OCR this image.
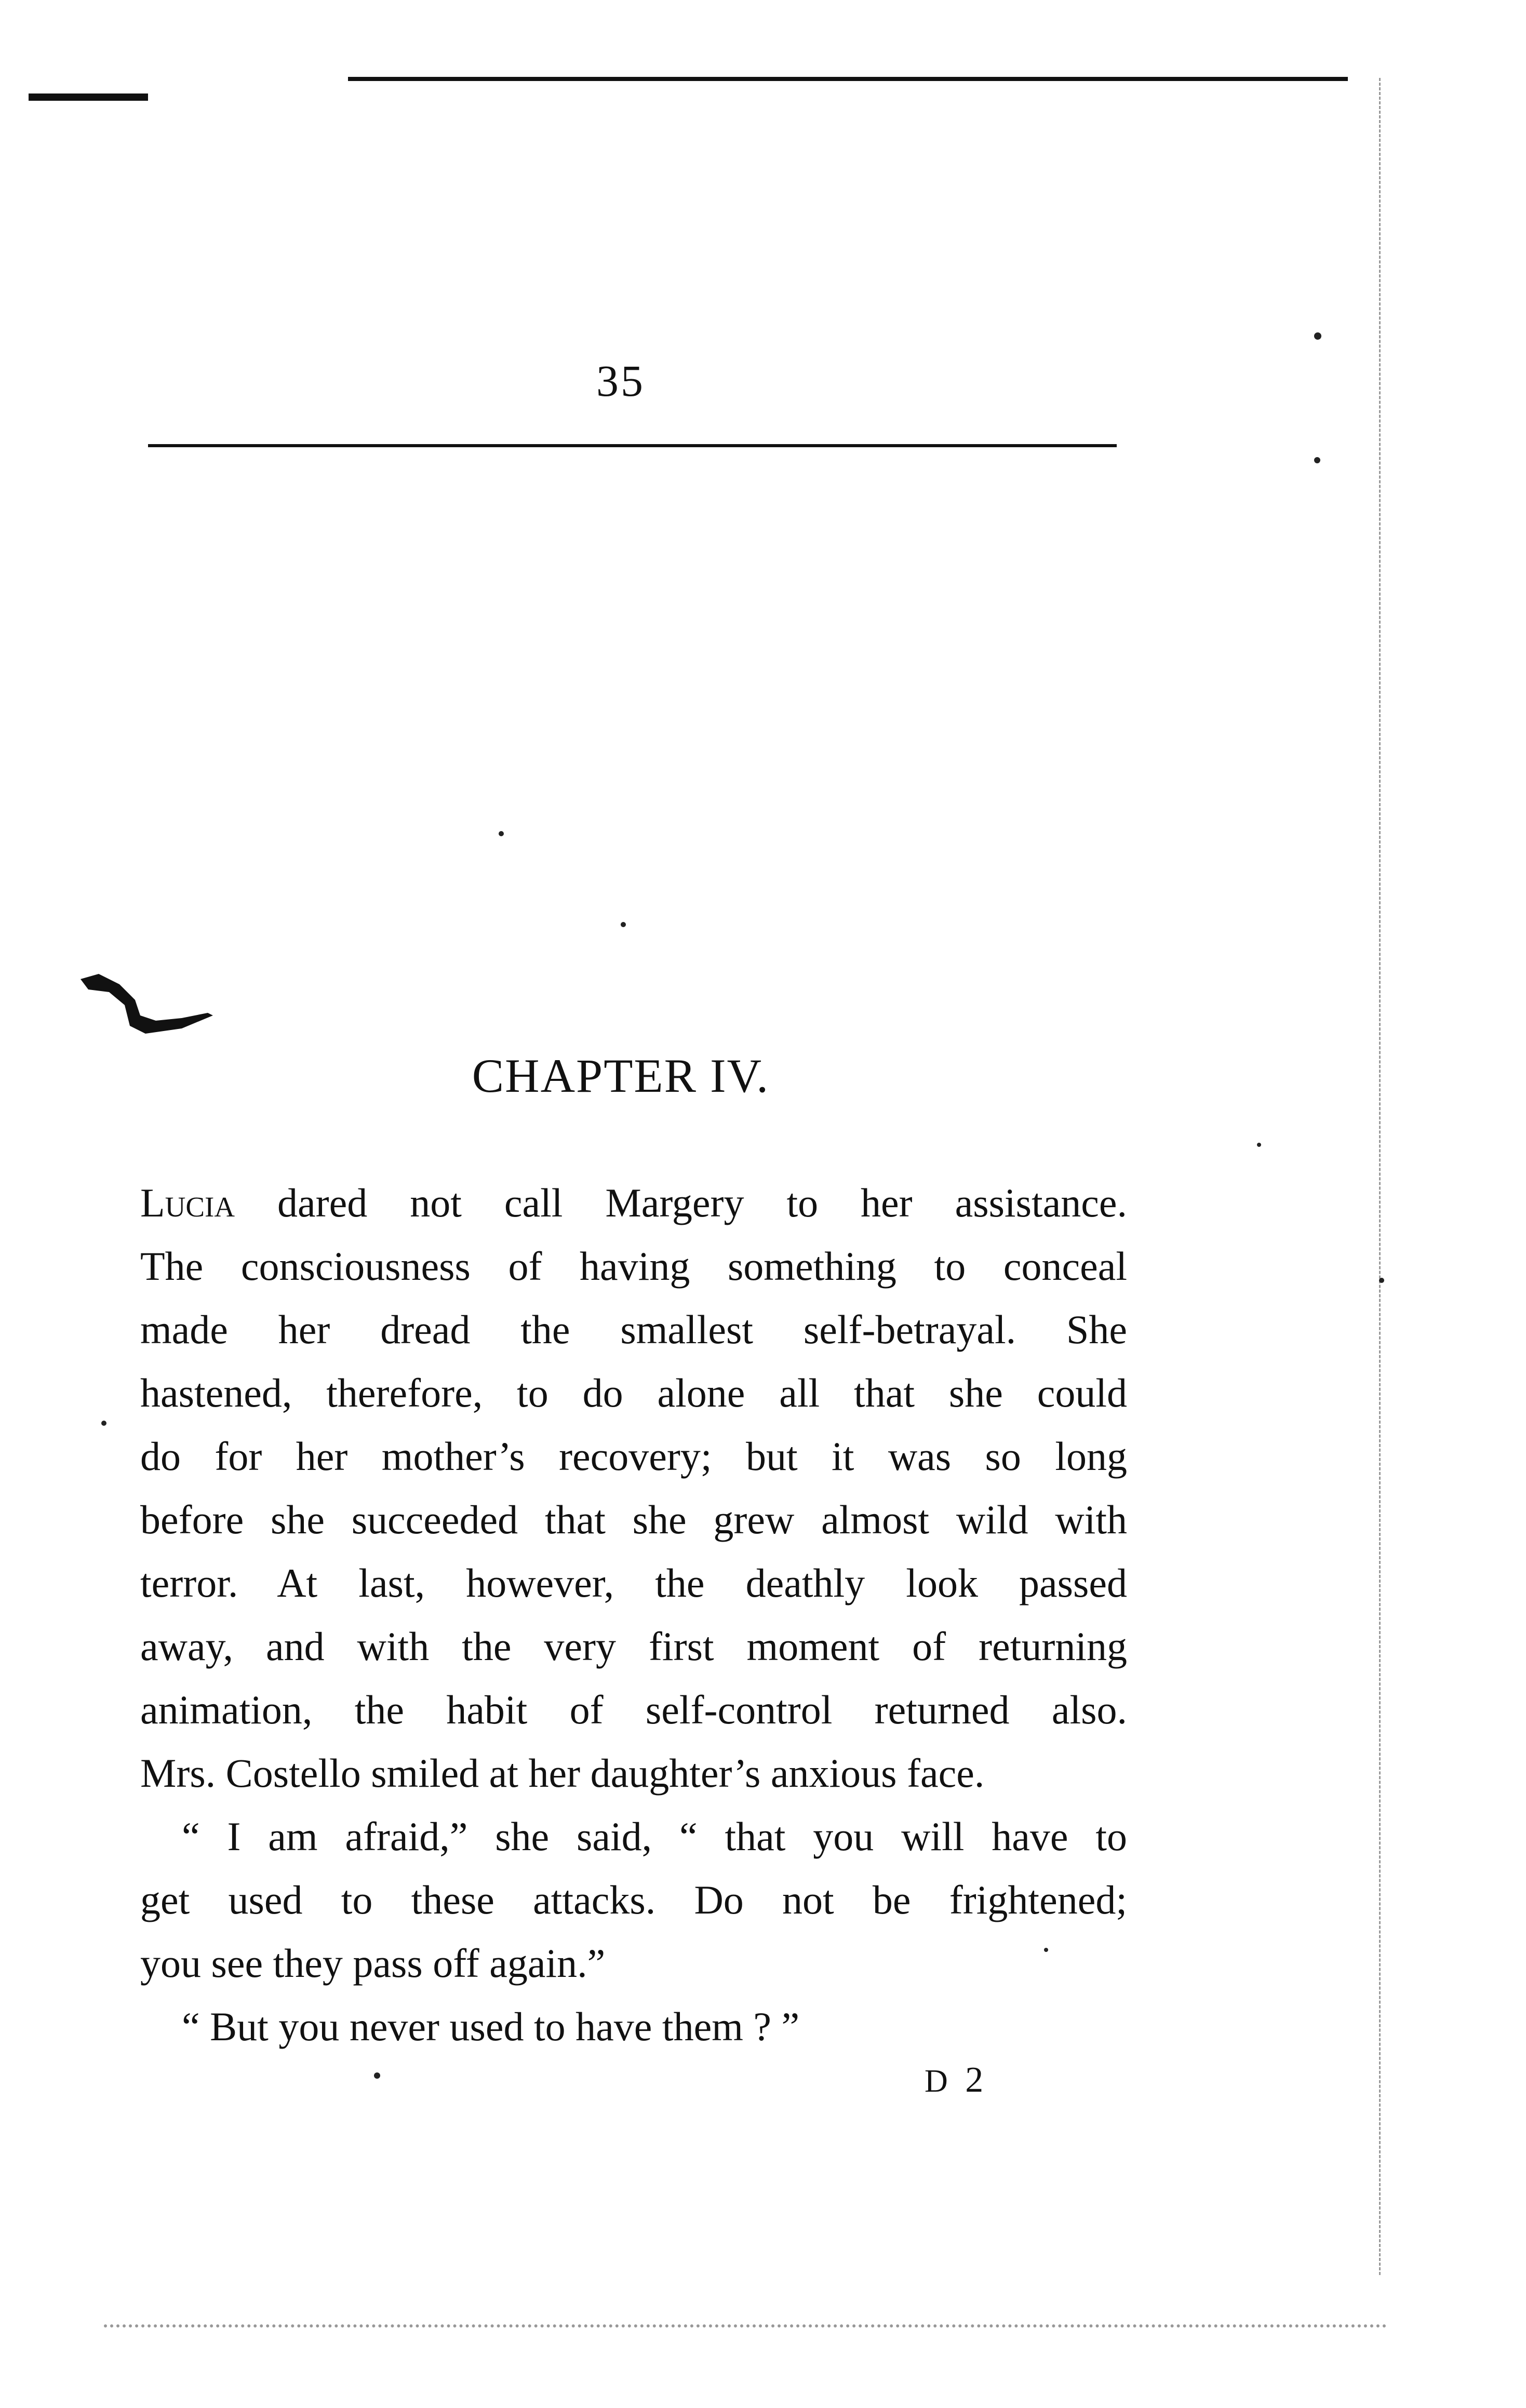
35
CHAPTER IV.
Lucia dared not call Margery to her assistance.
The consciousness of having something to conceal
made her dread the smallest self-betrayal. She
hastened, therefore, to do alone all that she could
do for her mother’s recovery; but it was so long
before she succeeded that she grew almost wild with
terror. At last, however, the deathly look passed
away, and with the very first moment of returning
animation, the habit of self-control returned also.
Mrs. Costello smiled at her daughter’s anxious face.
“ I am afraid,” she said, “ that you will have to
get used to these attacks. Do not be frightened;
you see they pass off again.”
“ But you never used to have them ? ”
D 2
